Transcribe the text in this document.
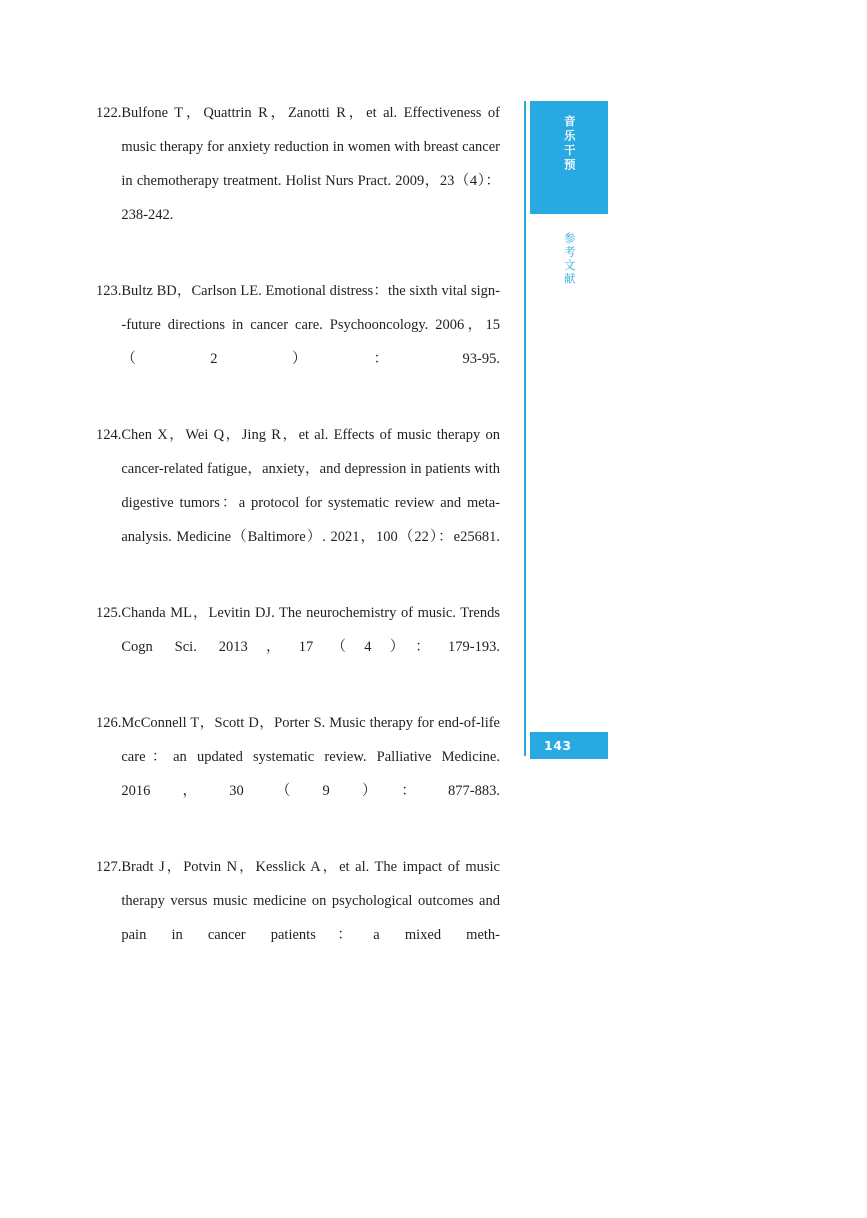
122. Bulfone T，Quattrin R，Zanotti R，et al. Effectiveness of music therapy for anxiety reduction in women with breast cancer in chemotherapy treatment. Holist Nurs Pract. 2009，23（4）：238-242.
123. Bultz BD，Carlson LE. Emotional distress：the sixth vital sign--future directions in cancer care. Psychooncology. 2006，15（2）：93-95.
124. Chen X，Wei Q，Jing R，et al. Effects of music therapy on cancer-related fatigue，anxiety，and depression in patients with digestive tumors：a protocol for systematic review and meta-analysis. Medicine（Baltimore）. 2021，100（22）：e25681.
125. Chanda ML，Levitin DJ. The neurochemistry of music. Trends Cogn Sci. 2013，17（4）：179-193.
126. McConnell T，Scott D，Porter S. Music therapy for end-of-life care：an updated systematic review. Palliative Medicine. 2016，30（9）：877-883.
127. Bradt J，Potvin N，Kesslick A，et al. The impact of music therapy versus music medicine on psychological outcomes and pain in cancer patients：a mixed meth-
音乐干预
参考文献
143
